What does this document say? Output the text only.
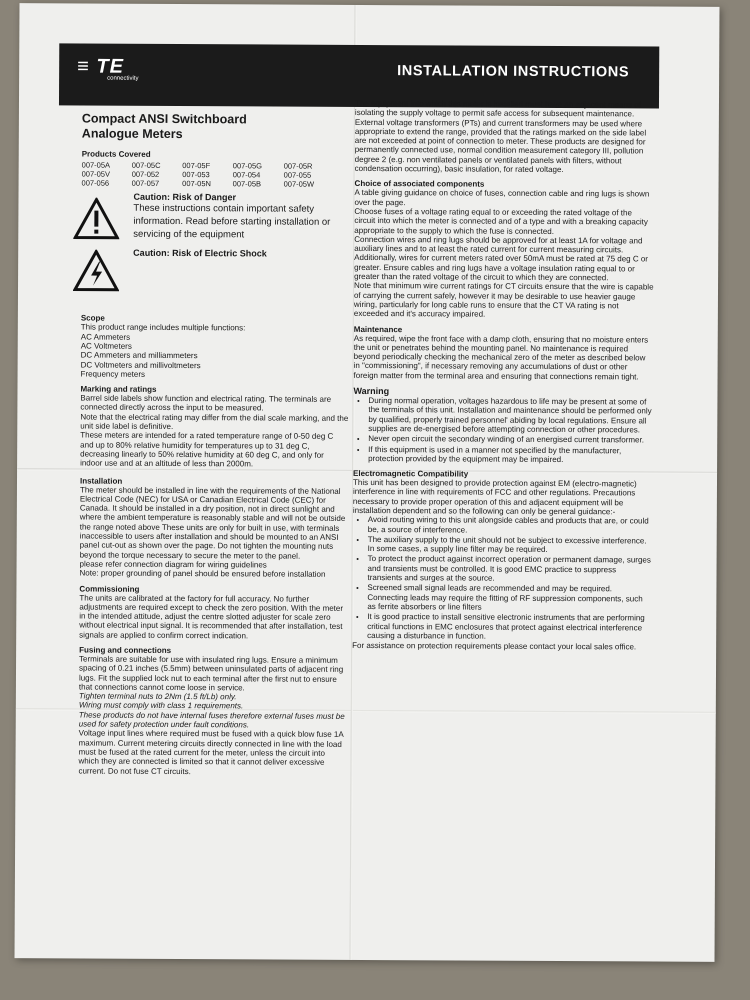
≡ TE
connectivity	INSTALLATION INSTRUCTIONS
Compact ANSI Switchboard
Analogue Meters
Products Covered
007-05A	007-05C	007-05F	007-05G	007-05R
007-05V	007-052	007-053	007-054	007-055
007-056	007-057	007-05N	007-05B	007-05W
Caution: Risk of Danger
These instructions contain important safety information. Read before starting installation or servicing of the equipment
Caution: Risk of Electric Shock
Scope
This product range includes multiple functions:
AC Ammeters
AC Voltmeters
DC Ammeters and milliammeters
DC Voltmeters and millivoltmeters
Frequency meters
Marking and ratings
Barrel side labels show function and electrical rating. The terminals are connected directly across the input to be measured.
Note that the electrical rating may differ from the dial scale marking, and the unit side label is definitive.
These meters are intended for a rated temperature range of 0-50 deg C and up to 80% relative humidity for temperatures up to 31 deg C, decreasing linearly to 50% relative humidity at 60 deg C, and only for indoor use and at an altitude of less than 2000m.
Installation
The meter should be installed in line with the requirements of the National Electrical Code (NEC) for USA or Canadian Electrical Code (CEC) for Canada. It should be installed in a dry position, not in direct sunlight and where the ambient temperature is reasonably stable and will not be outside the range noted above These units are only for built in use, with terminals inaccessible to users after installation and should be mounted to an ANSI panel cut-out as shown over the page. Do not tighten the mounting nuts beyond the torque necessary to secure the meter to the panel.
please refer connection diagram for wiring guidelines
Note: proper grounding of panel should be ensured before installation
Commissioning
The units are calibrated at the factory for full accuracy. No further adjustments are required except to check the zero position. With the meter in the intended attitude, adjust the centre slotted adjuster for scale zero without electrical input signal. It is recommended that after installation, test signals are applied to confirm correct indication.
Fusing and connections
Terminals are suitable for use with insulated ring lugs. Ensure a minimum spacing of 0.21 inches (5.5mm) between uninsulated parts of adjacent ring lugs. Fit the supplied lock nut to each terminal after the first nut to ensure that connections cannot come loose in service.
Tighten terminal nuts to 2Nm (1.5 ft/Lb) only.
Wiring must comply with class 1 requirements.
These products do not have internal fuses therefore external fuses must be used for safety protection under fault conditions.
Voltage input lines where required must be fused with a quick blow fuse 1A maximum. Current metering circuits directly connected in line with the load must be fused at the rated current for the meter, unless the circuit into which they are connected is limited so that it cannot deliver excessive current. Do not fuse CT circuits.
The equipment into which this meter is installed must have an adjacent means of isolating the supply voltage to permit safe access for subsequent maintenance.
External voltage transformers (PTs) and current transformers may be used where appropriate to extend the range, provided that the ratings marked on the side label are not exceeded at point of connection to meter. These products are designed for permanently connected use, normal condition measurement category III, pollution degree 2 (e.g. non ventilated panels or ventilated panels with filters, without condensation occurring), basic insulation, for rated voltage.
Choice of associated components
A table giving guidance on choice of fuses, connection cable and ring lugs is shown over the page.
Choose fuses of a voltage rating equal to or exceeding the rated voltage of the circuit into which the meter is connected and of a type and with a breaking capacity appropriate to the supply to which the fuse is connected.
Connection wires and ring lugs should be approved for at least 1A for voltage and auxiliary lines and to at least the rated current for current measuring circuits. Additionally, wires for current meters rated over 50mA must be rated at 75 deg C or greater. Ensure cables and ring lugs have a voltage insulation rating equal to or greater than the rated voltage of the circuit to which they are connected.
Note that minimum wire current ratings for CT circuits ensure that the wire is capable of carrying the current safely, however it may be desirable to use heavier gauge wiring, particularly for long cable runs to ensure that the CT VA rating is not exceeded and it's accuracy impaired.
Maintenance
As required, wipe the front face with a damp cloth, ensuring that no moisture enters the unit or penetrates behind the mounting panel. No maintenance is required beyond periodically checking the mechanical zero of the meter as described below in "commissioning", if necessary removing any accumulations of dust or other foreign matter from the terminal area and ensuring that connections remain tight.
Warning
• During normal operation, voltages hazardous to life may be present at some of the terminals of this unit. Installation and maintenance should be performed only by qualified, properly trained personnel' abiding by local regulations. Ensure all supplies are de-energised before attempting connection or other procedures.
• Never open circuit the secondary winding of an energised current transformer.
• If this equipment is used in a manner not specified by the manufacturer, protection provided by the equipment may be impaired.
Electromagnetic Compatibility
This unit has been designed to provide protection against EM (electro-magnetic) interference in line with requirements of FCC and other regulations. Precautions necessary to provide proper operation of this and adjacent equipment will be installation dependent and so the following can only be general guidance:-
• Avoid routing wiring to this unit alongside cables and products that are, or could be, a source of interference.
• The auxiliary supply to the unit should not be subject to excessive interference. In some cases, a supply line filter may be required.
• To protect the product against incorrect operation or permanent damage, surges and transients must be controlled. It is good EMC practice to suppress transients and surges at the source.
• Screened small signal leads are recommended and may be required. Connecting leads may require the fitting of RF suppression components, such as ferrite absorbers or line filters
• It is good practice to install sensitive electronic instruments that are performing critical functions in EMC enclosures that protect against electrical interference causing a disturbance in function.
For assistance on protection requirements please contact your local sales office.
